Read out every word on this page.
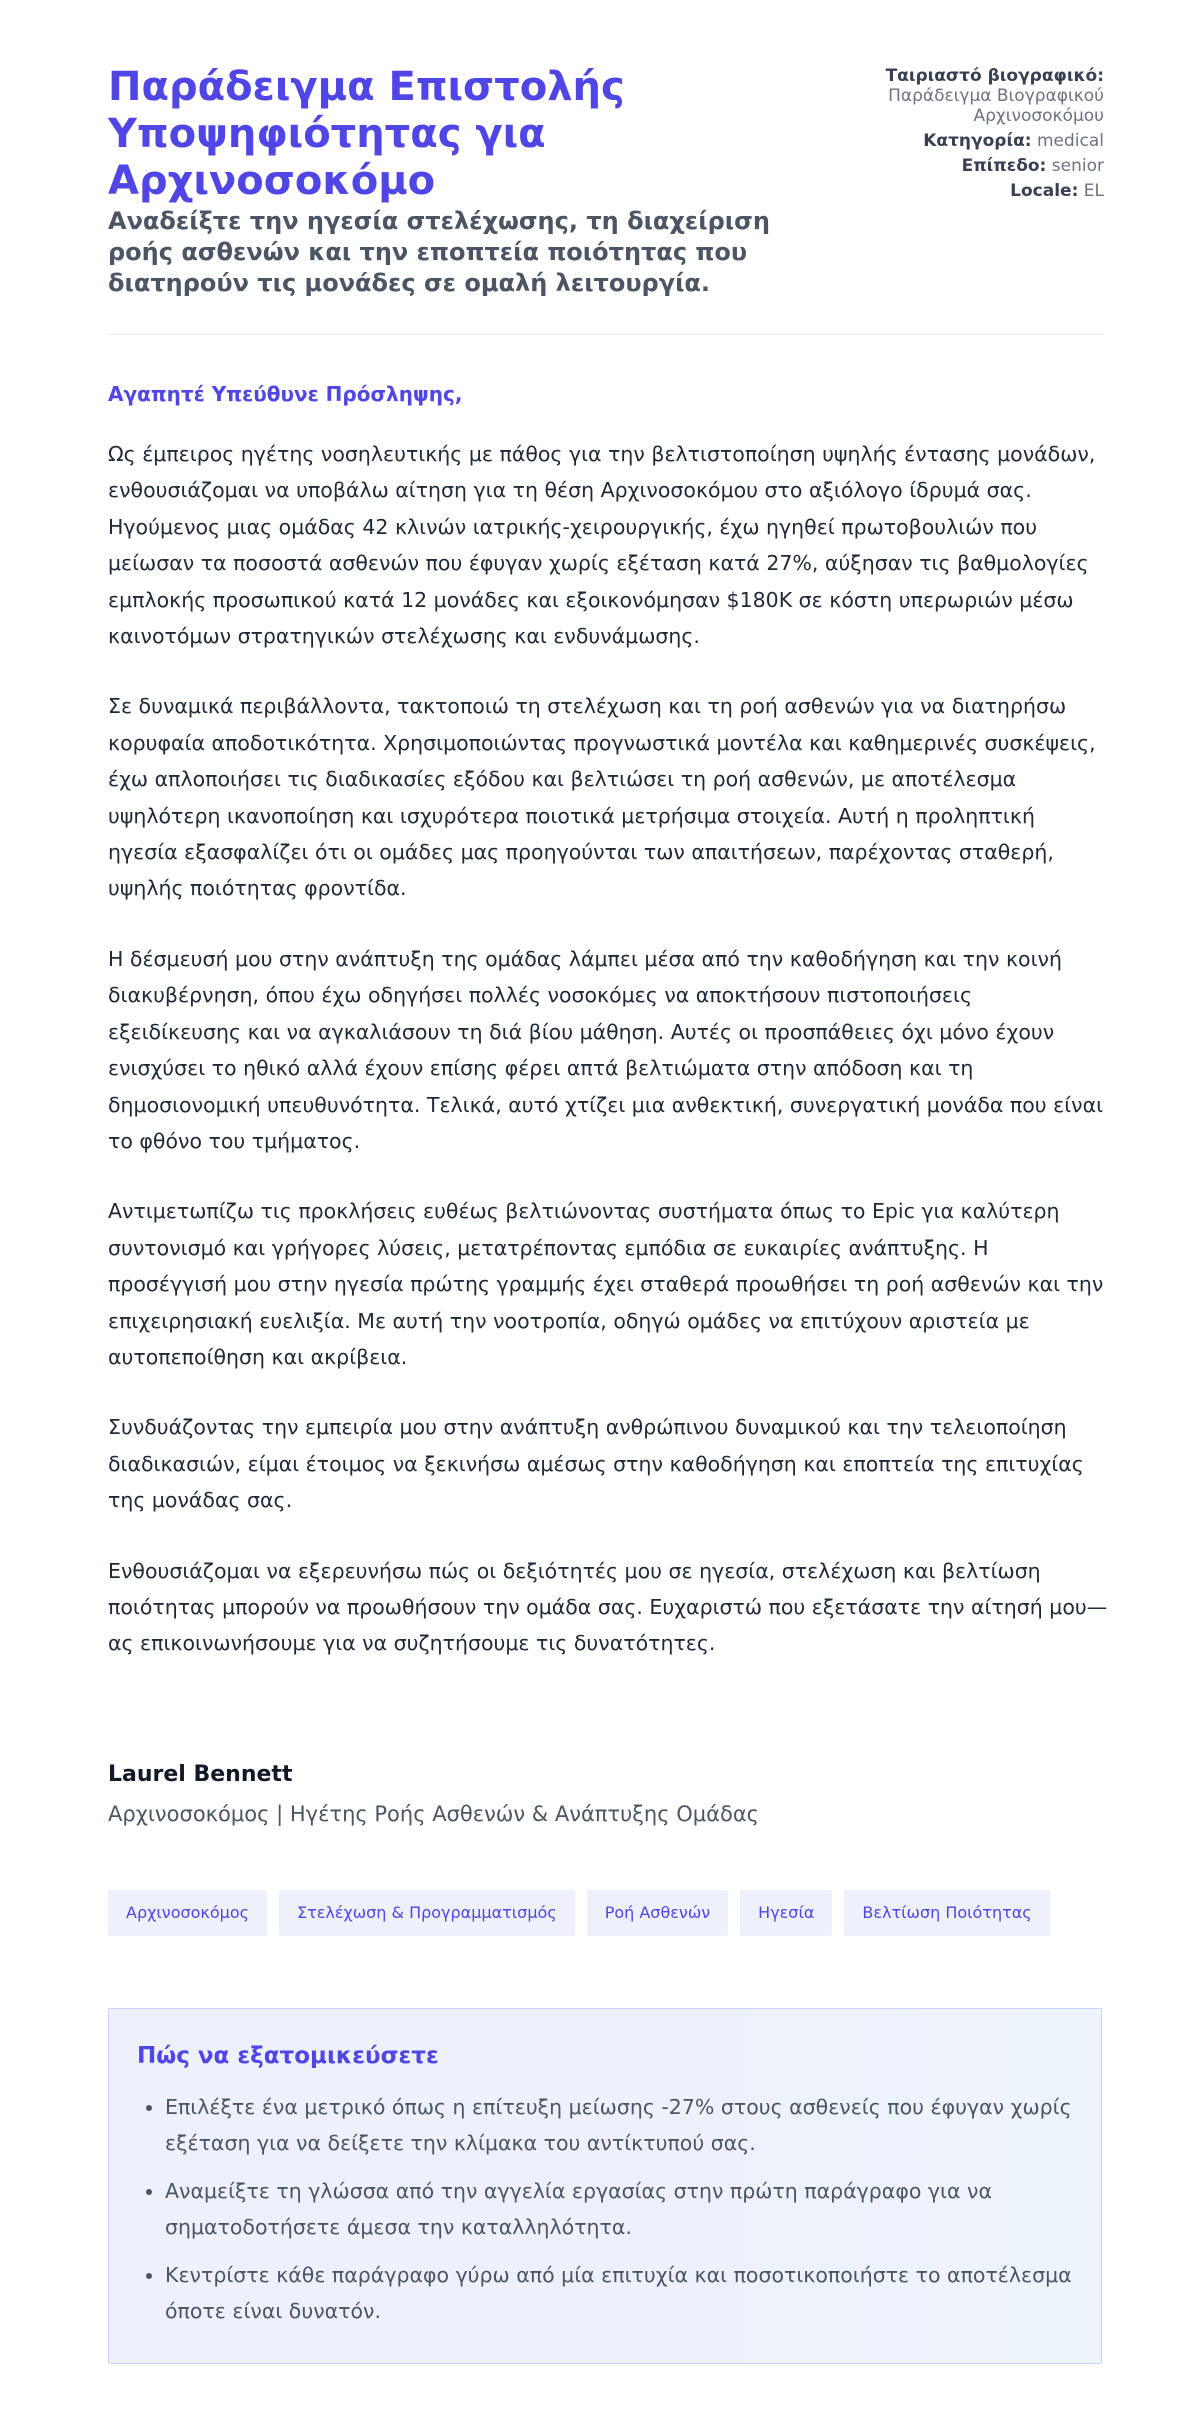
Παράδειγμα Επιστολής Υποψηφιότητας για Αρχινοσοκόμο
Αναδείξτε την ηγεσία στελέχωσης, τη διαχείριση ροής ασθενών και την εποπτεία ποιότητας που διατηρούν τις μονάδες σε ομαλή λειτουργία.
Ταιριαστό βιογραφικό:
Παράδειγμα Βιογραφικού Αρχινοσοκόμου
Κατηγορία: medical
Επίπεδο: senior
Locale: EL

Αγαπητέ Υπεύθυνε Πρόσληψης,

Ως έμπειρος ηγέτης νοσηλευτικής με πάθος για την βελτιστοποίηση υψηλής έντασης μονάδων, ενθουσιάζομαι να υποβάλω αίτηση για τη θέση Αρχινοσοκόμου στο αξιόλογο ίδρυμά σας. Ηγούμενος μιας ομάδας 42 κλινών ιατρικής-χειρουργικής, έχω ηγηθεί πρωτοβουλιών που μείωσαν τα ποσοστά ασθενών που έφυγαν χωρίς εξέταση κατά 27%, αύξησαν τις βαθμολογίες εμπλοκής προσωπικού κατά 12 μονάδες και εξοικονόμησαν $180K σε κόστη υπερωριών μέσω καινοτόμων στρατηγικών στελέχωσης και ενδυνάμωσης.

Σε δυναμικά περιβάλλοντα, τακτοποιώ τη στελέχωση και τη ροή ασθενών για να διατηρήσω κορυφαία αποδοτικότητα. Χρησιμοποιώντας προγνωστικά μοντέλα και καθημερινές συσκέψεις, έχω απλοποιήσει τις διαδικασίες εξόδου και βελτιώσει τη ροή ασθενών, με αποτέλεσμα υψηλότερη ικανοποίηση και ισχυρότερα ποιοτικά μετρήσιμα στοιχεία. Αυτή η προληπτική ηγεσία εξασφαλίζει ότι οι ομάδες μας προηγούνται των απαιτήσεων, παρέχοντας σταθερή, υψηλής ποιότητας φροντίδα.

Η δέσμευσή μου στην ανάπτυξη της ομάδας λάμπει μέσα από την καθοδήγηση και την κοινή διακυβέρνηση, όπου έχω οδηγήσει πολλές νοσοκόμες να αποκτήσουν πιστοποιήσεις εξειδίκευσης και να αγκαλιάσουν τη διά βίου μάθηση. Αυτές οι προσπάθειες όχι μόνο έχουν ενισχύσει το ηθικό αλλά έχουν επίσης φέρει απτά βελτιώματα στην απόδοση και τη δημοσιονομική υπευθυνότητα. Τελικά, αυτό χτίζει μια ανθεκτική, συνεργατική μονάδα που είναι το φθόνο του τμήματος.

Αντιμετωπίζω τις προκλήσεις ευθέως βελτιώνοντας συστήματα όπως το Epic για καλύτερη συντονισμό και γρήγορες λύσεις, μετατρέποντας εμπόδια σε ευκαιρίες ανάπτυξης. Η προσέγγισή μου στην ηγεσία πρώτης γραμμής έχει σταθερά προωθήσει τη ροή ασθενών και την επιχειρησιακή ευελιξία. Με αυτή την νοοτροπία, οδηγώ ομάδες να επιτύχουν αριστεία με αυτοπεποίθηση και ακρίβεια.

Συνδυάζοντας την εμπειρία μου στην ανάπτυξη ανθρώπινου δυναμικού και την τελειοποίηση διαδικασιών, είμαι έτοιμος να ξεκινήσω αμέσως στην καθοδήγηση και εποπτεία της επιτυχίας της μονάδας σας.

Ενθουσιάζομαι να εξερευνήσω πώς οι δεξιότητές μου σε ηγεσία, στελέχωση και βελτίωση ποιότητας μπορούν να προωθήσουν την ομάδα σας. Ευχαριστώ που εξετάσατε την αίτησή μου—ας επικοινωνήσουμε για να συζητήσουμε τις δυνατότητες.

Laurel Bennett

Αρχινοσοκόμος | Ηγέτης Ροής Ασθενών & Ανάπτυξης Ομάδας

Αρχινοσοκόμος	Στελέχωση & Προγραμματισμός	Ροή Ασθενών	Ηγεσία	Βελτίωση Ποιότητας
Πώς να εξατομικεύσετε
• Επιλέξτε ένα μετρικό όπως η επίτευξη μείωσης -27% στους ασθενείς που έφυγαν χωρίς εξέταση για να δείξετε την κλίμακα του αντίκτυπού σας.
• Αναμείξτε τη γλώσσα από την αγγελία εργασίας στην πρώτη παράγραφο για να σηματοδοτήσετε άμεσα την καταλληλότητα.
• Κεντρίστε κάθε παράγραφο γύρω από μία επιτυχία και ποσοτικοποιήστε το αποτέλεσμα όποτε είναι δυνατόν.
